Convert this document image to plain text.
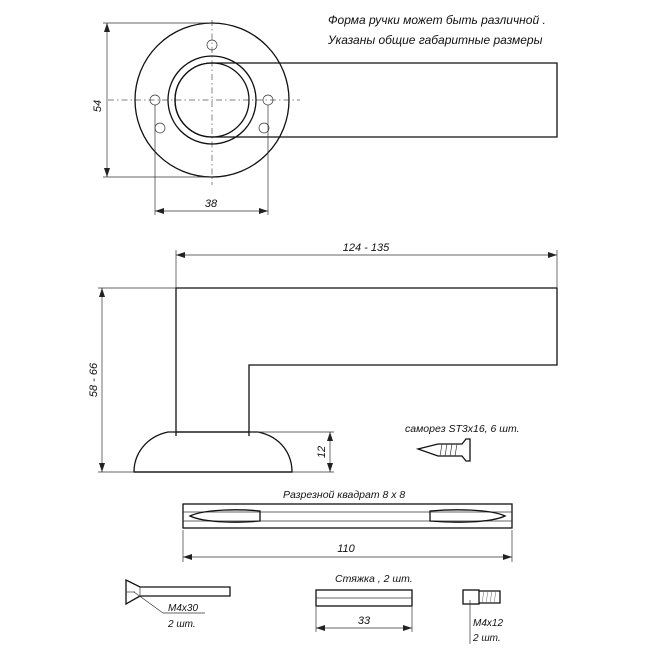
Форма ручки может быть различной .
Указаны общие габаритные размеры
54
38
124 - 135
58 - 66
12
саморез ST3x16, 6 шт.
Разрезной квадрат 8 x 8
110
M4x30
2 шт.
Стяжка , 2 шт.
33	M4x12
2 шт.
